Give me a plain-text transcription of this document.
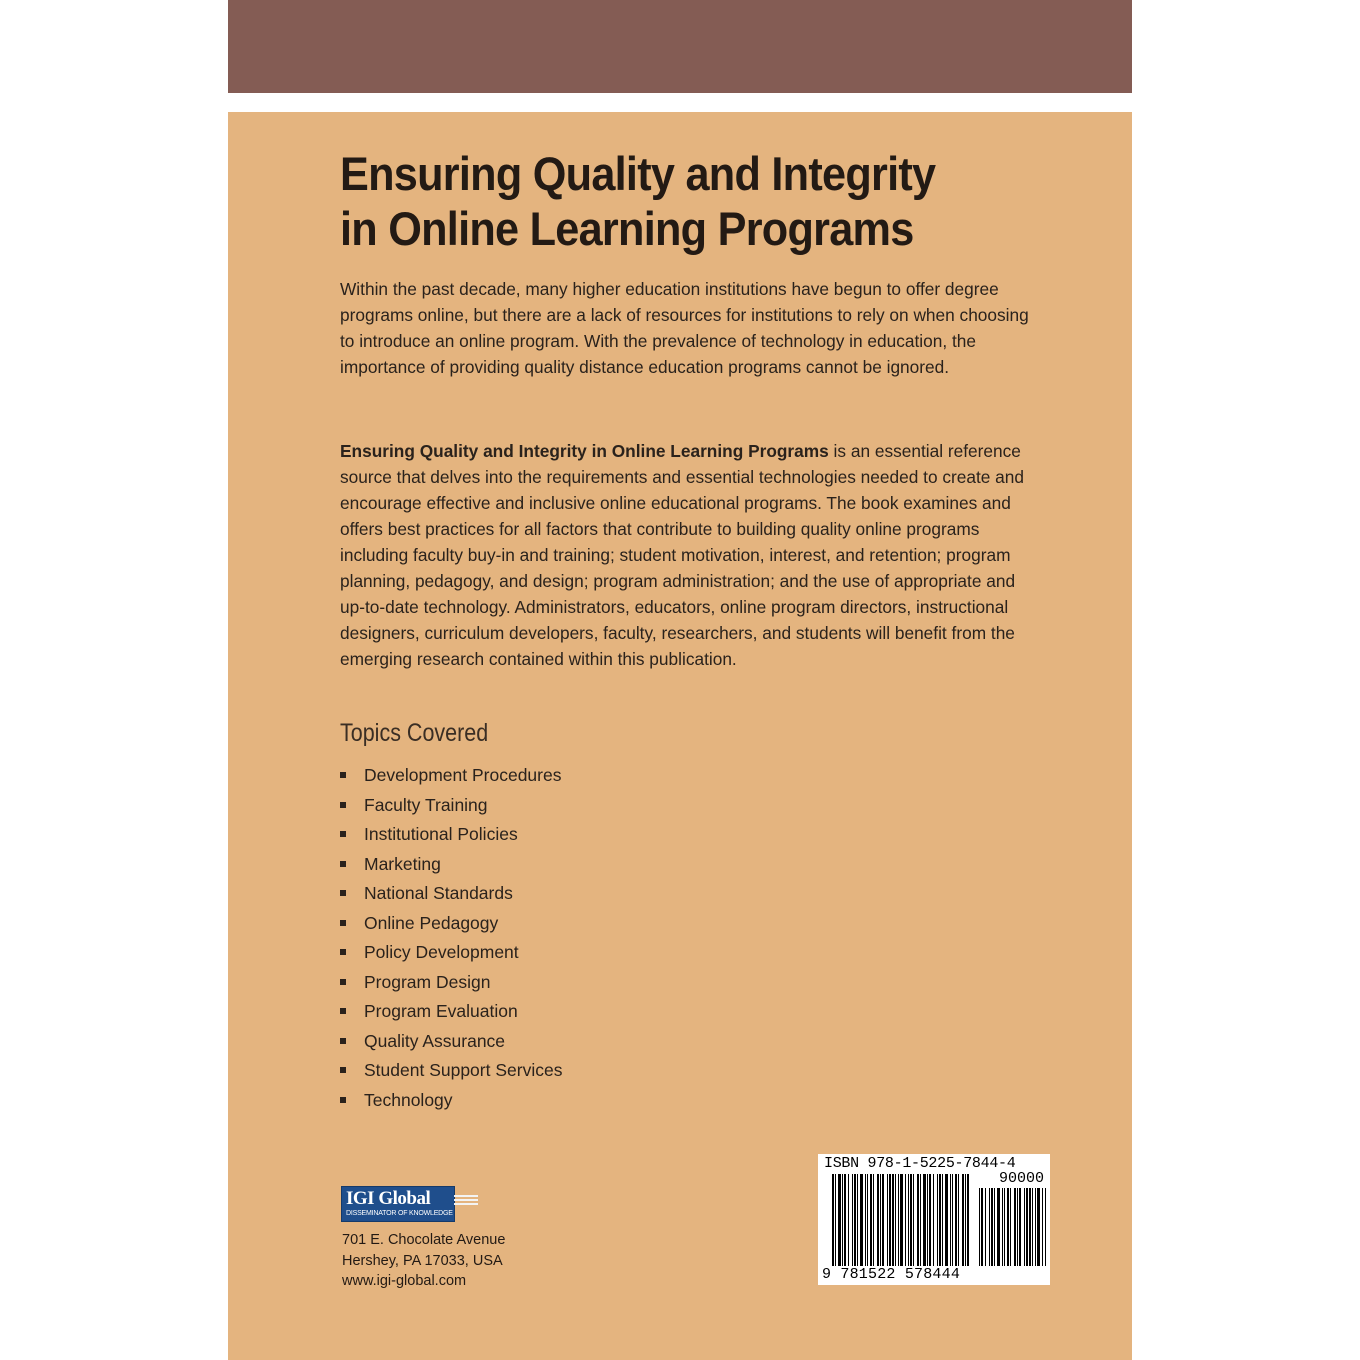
Ensuring Quality and Integrity
in Online Learning Programs

Within the past decade, many higher education institutions have begun to offer degree programs online, but there are a lack of resources for institutions to rely on when choosing to introduce an online program. With the prevalence of technology in education, the importance of providing quality distance education programs cannot be ignored.

Ensuring Quality and Integrity in Online Learning Programs is an essential reference source that delves into the requirements and essential technologies needed to create and encourage effective and inclusive online educational programs. The book examines and offers best practices for all factors that contribute to building quality online programs including faculty buy-in and training; student motivation, interest, and retention; program planning, pedagogy, and design; program administration; and the use of appropriate and up-to-date technology. Administrators, educators, online program directors, instructional designers, curriculum developers, faculty, researchers, and students will benefit from the emerging research contained within this publication.

Topics Covered
Development Procedures
Faculty Training
Institutional Policies
Marketing
National Standards
Online Pedagogy
Policy Development
Program Design
Program Evaluation
Quality Assurance
Student Support Services
Technology
IGI Global
DISSEMINATOR OF KNOWLEDGE
701 E. Chocolate Avenue
Hershey, PA 17033, USA
www.igi-global.com

ISBN 978-1-5225-7844-4

90000

9 781522 578444
